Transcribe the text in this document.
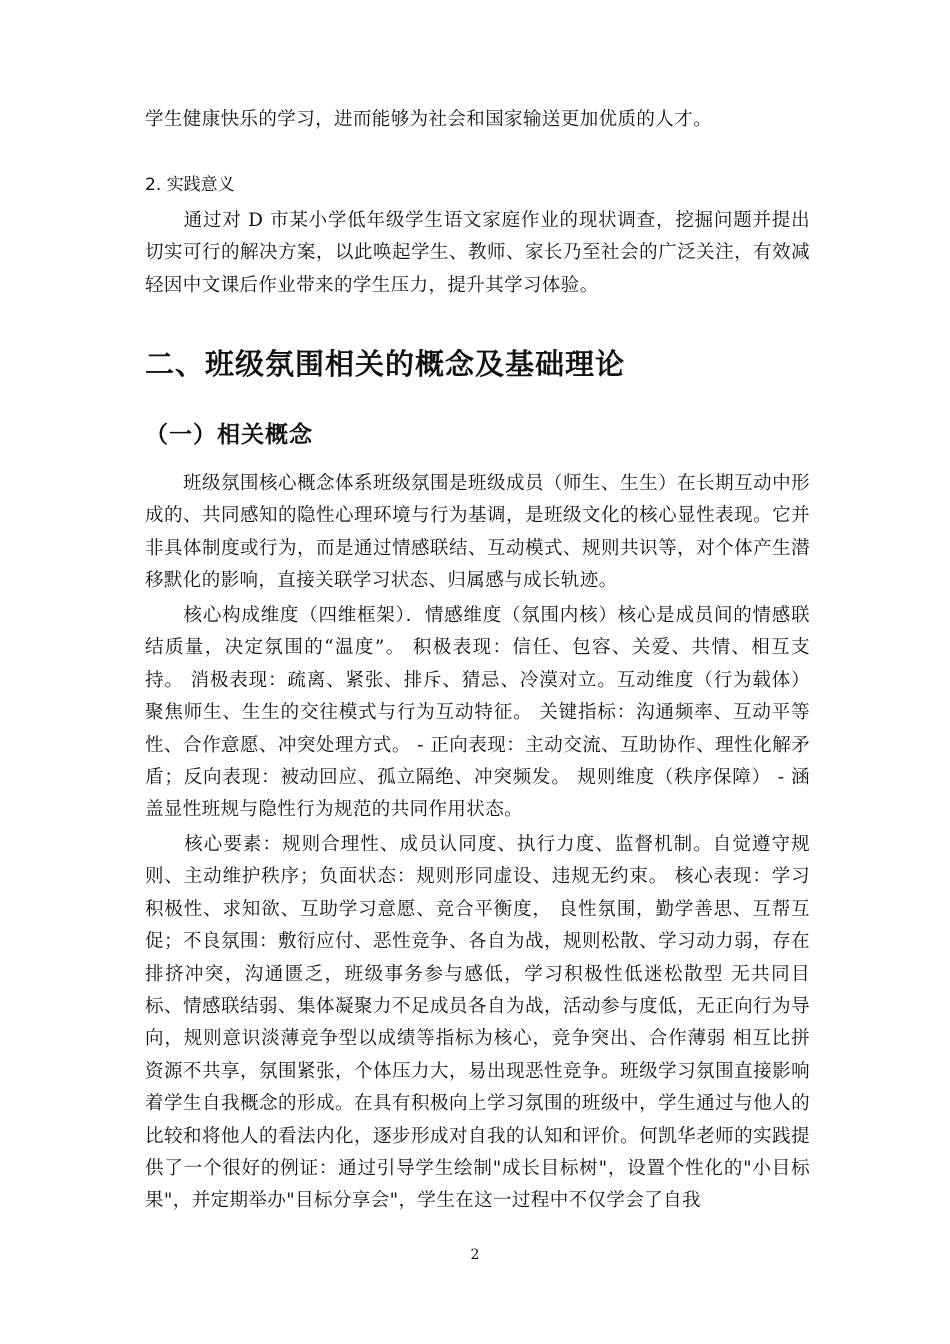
学生健康快乐的学习，进而能够为社会和国家输送更加优质的人才。

2. 实践意义

　　通过对 D 市某小学低年级学生语文家庭作业的现状调查，挖掘问题并提出切实可行的解决方案，以此唤起学生、教师、家长乃至社会的广泛关注，有效减轻因中文课后作业带来的学生压力，提升其学习体验。

二、班级氛围相关的概念及基础理论
（一）相关概念

　　班级氛围核心概念体系班级氛围是班级成员（师生、生生）在长期互动中形成的、共同感知的隐性心理环境与行为基调，是班级文化的核心显性表现。它并非具体制度或行为，而是通过情感联结、互动模式、规则共识等，对个体产生潜移默化的影响，直接关联学习状态、归属感与成长轨迹。

　　核心构成维度（四维框架）．情感维度（氛围内核）核心是成员间的情感联结质量，决定氛围的“温度”。 积极表现：信任、包容、关爱、共情、相互支持。 消极表现：疏离、紧张、排斥、猜忌、冷漠对立。互动维度（行为载体）聚焦师生、生生的交往模式与行为互动特征。 关键指标：沟通频率、互动平等性、合作意愿、冲突处理方式。 - 正向表现：主动交流、互助协作、理性化解矛盾；反向表现：被动回应、孤立隔绝、冲突频发。 规则维度（秩序保障） - 涵盖显性班规与隐性行为规范的共同作用状态。

　　核心要素：规则合理性、成员认同度、执行力度、监督机制。自觉遵守规则、主动维护秩序；负面状态：规则形同虚设、违规无约束。 核心表现：学习积极性、求知欲、互助学习意愿、竞合平衡度， 良性氛围，勤学善思、互帮互促；不良氛围：敷衍应付、恶性竞争、各自为战，规则松散、学习动力弱，存在排挤冲突，沟通匮乏，班级事务参与感低，学习积极性低迷松散型 无共同目标、情感联结弱、集体凝聚力不足成员各自为战，活动参与度低，无正向行为导向，规则意识淡薄竞争型以成绩等指标为核心，竞争突出、合作薄弱 相互比拼资源不共享，氛围紧张，个体压力大，易出现恶性竞争。班级学习氛围直接影响着学生自我概念的形成。在具有积极向上学习氛围的班级中，学生通过与他人的比较和将他人的看法内化，逐步形成对自我的认知和评价。何凯华老师的实践提供了一个很好的例证：通过引导学生绘制"成长目标树"，设置个性化的"小目标果"，并定期举办"目标分享会"，学生在这一过程中不仅学会了自我

2
